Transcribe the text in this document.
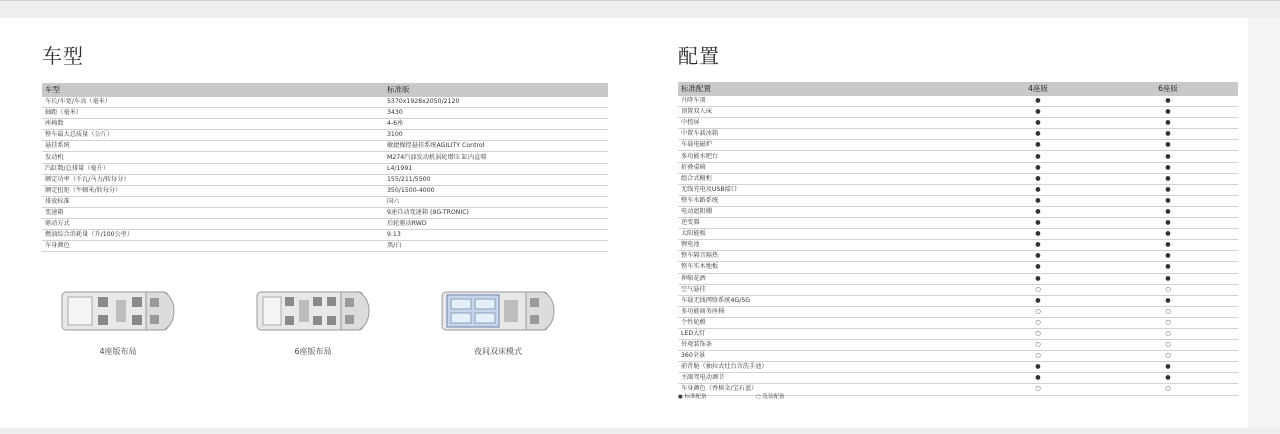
车型
车型	标准版
车长/车宽/车高（毫米）	5370x1928x2050/2120
轴距（毫米）	3430
座椅数	4-6座
整车最大总质量（公斤）	3100
悬挂系统	敏捷操控悬挂系统AGILITY Control
发动机	M274汽油发动机涡轮增压 缸内直喷
汽缸数/总排量（毫升）	L4/1991
额定功率（千瓦/马力/转每分）	155/211/5500
额定扭矩（牛顿米/转每分）	350/1500-4000
排放标准	国六
变速箱	9速自动变速箱 (9G-TRONIC)
驱动方式	后轮驱动RWD
燃油综合消耗量（升/100公里）	9.13
车身颜色	黑/白
4座版布局	6座版布局	夜间双床模式
配置
标准配置	4座版	6座版
升降车顶	●	●
顶置双人床	●	●
中控屏	●	●
中置车载冰箱	●	●
车载电磁炉	●	●
多功能水吧台	●	●
折叠桌椅	●	●
组合式橱柜	●	●
无线充电及USB接口	●	●
整车水路系统	●	●
电动遮阳棚	●	●
逆变器	●	●
太阳能板	●	●
锂电池	●	●
整车隔音隔热	●	●
整车实木地板	●	●
伸缩花洒	●	●
空气悬挂	○	○
车载无线网络系统4G/5G	●	●
多功能商务座椅	○	○
个性轮毂	○	○
LED大灯	○	○
外观装饰条	○	○
360全景	○	○
前背舱（抽拉式灶台含洗手池）	●	●
主副驾电动调节	●	●
车身颜色（香槟金/宝石蓝）	○	○
● 标准配备	○ 选装配备
